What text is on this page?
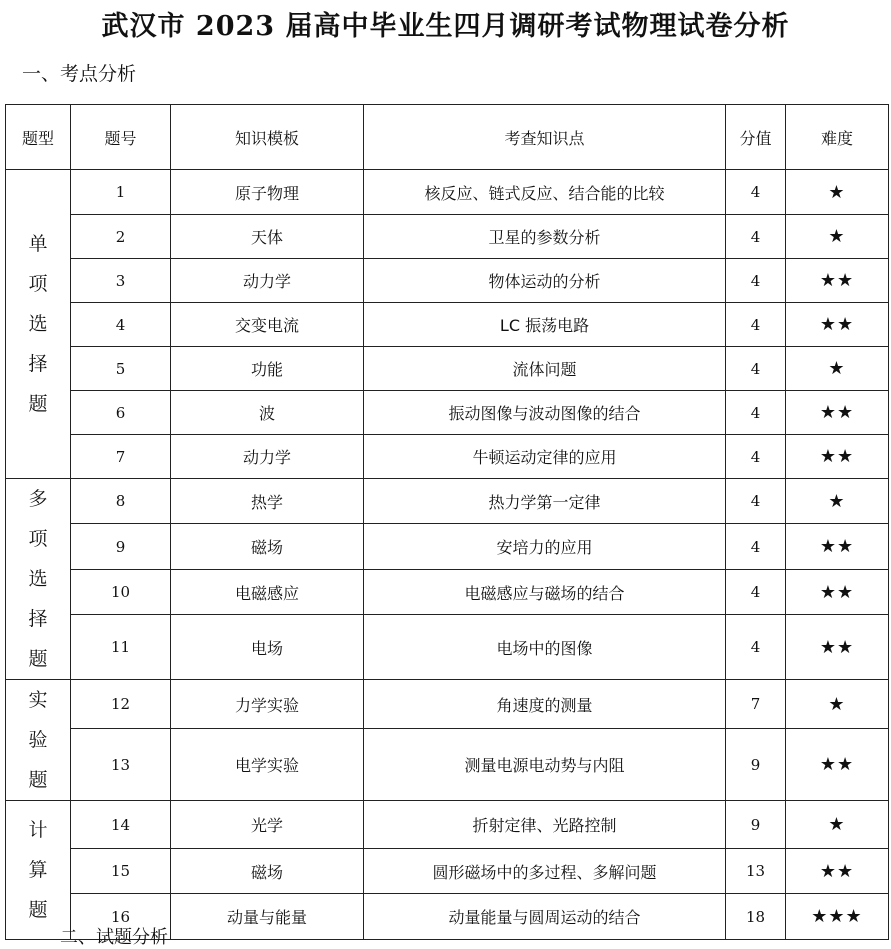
武汉市 2023 届高中毕业生四月调研考试物理试卷分析
一、考点分析
题型	题号	知识模板	考查知识点	分值	难度
单项选择题	1	原子物理	核反应、链式反应、结合能的比较	4	★
	2	天体	卫星的参数分析	4	★
	3	动力学	物体运动的分析	4	★★
	4	交变电流	LC 振荡电路	4	★★
	5	功能	流体问题	4	★
	6	波	振动图像与波动图像的结合	4	★★
	7	动力学	牛顿运动定律的应用	4	★★
多项选择题	8	热学	热力学第一定律	4	★
	9	磁场	安培力的应用	4	★★
	10	电磁感应	电磁感应与磁场的结合	4	★★
	11	电场	电场中的图像	4	★★
实验题	12	力学实验	角速度的测量	7	★
	13	电学实验	测量电源电动势与内阻	9	★★
计算题	14	光学	折射定律、光路控制	9	★
	15	磁场	圆形磁场中的多过程、多解问题	13	★★
	16	动量与能量	动量能量与圆周运动的结合	18	★★★
二、试题分析
